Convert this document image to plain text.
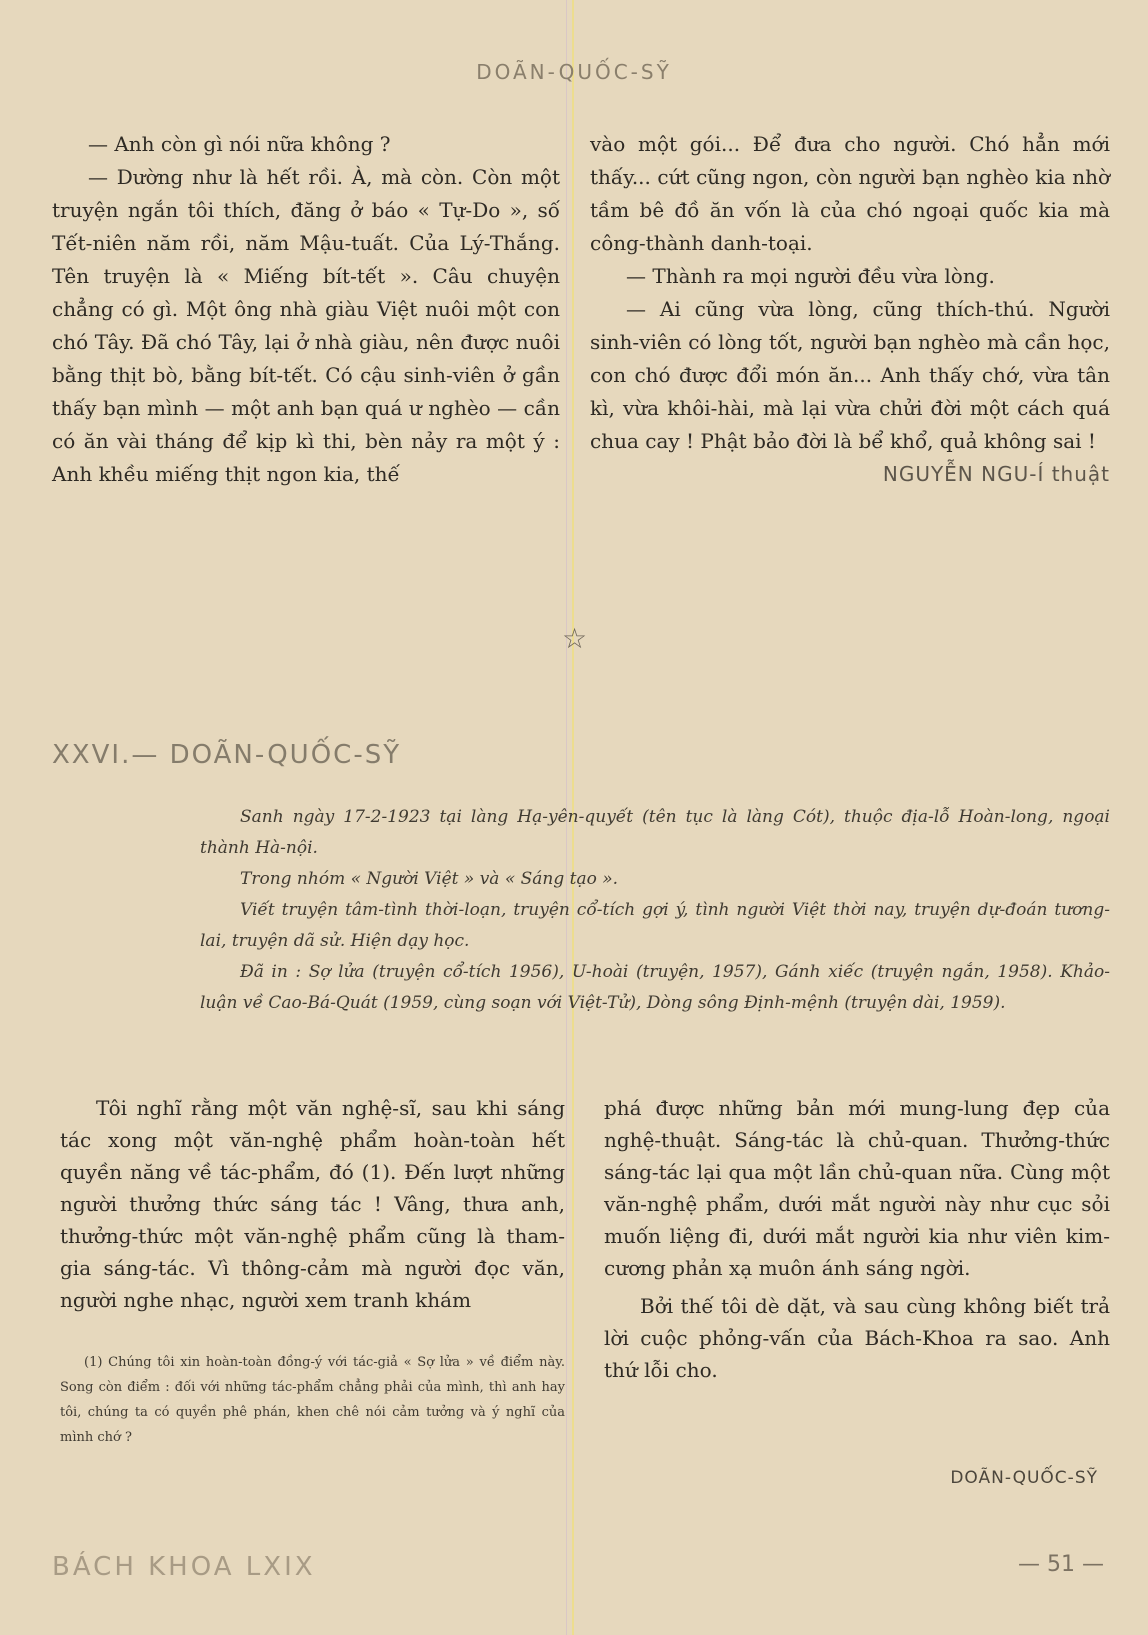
DOÃN-QUỐC-SỸ

— Anh còn gì nói nữa không ?

— Dường như là hết rồi. À, mà còn. Còn một truyện ngắn tôi thích, đăng ở báo « Tự-Do », số Tết-niên năm rồi, năm Mậu-tuất. Của Lý-Thắng. Tên truyện là « Miếng bít-tết ». Câu chuyện chẳng có gì. Một ông nhà giàu Việt nuôi một con chó Tây. Đã chó Tây, lại ở nhà giàu, nên được nuôi bằng thịt bò, bằng bít-tết. Có cậu sinh-viên ở gần thấy bạn mình — một anh bạn quá ư nghèo — cần có ăn vài tháng để kịp kì thi, bèn nảy ra một ý : Anh khều miếng thịt ngon kia, thế

vào một gói... Để đưa cho người. Chó hẳn mới thấy... cứt cũng ngon, còn người bạn nghèo kia nhờ tầm bê đồ ăn vốn là của chó ngoại quốc kia mà công-thành danh-toại.

— Thành ra mọi người đều vừa lòng.

— Ai cũng vừa lòng, cũng thích-thú. Người sinh-viên có lòng tốt, người bạn nghèo mà cần học, con chó được đổi món ăn... Anh thấy chớ, vừa tân kì, vừa khôi-hài, mà lại vừa chửi đời một cách quá chua cay ! Phật bảo đời là bể khổ, quả không sai !

NGUYỄN NGU-Í thuật

☆
XXVI.— DOÃN-QUỐC-SỸ

Sanh ngày 17-2-1923 tại làng Hạ-yên-quyết (tên tục là làng Cót), thuộc địa-lỗ Hoàn-long, ngoại thành Hà-nội.

Trong nhóm « Người Việt » và « Sáng tạo ».

Viết truyện tâm-tình thời-loạn, truyện cổ-tích gợi ý, tình người Việt thời nay, truyện dự-đoán tương-lai, truyện dã sử. Hiện dạy học.

Đã in : Sợ lửa (truyện cổ-tích 1956), U-hoài (truyện, 1957), Gánh xiếc (truyện ngắn, 1958). Khảo-luận về Cao-Bá-Quát (1959, cùng soạn với Việt-Tử), Dòng sông Định-mệnh (truyện dài, 1959).

Tôi nghĩ rằng một văn nghệ-sĩ, sau khi sáng tác xong một văn-nghệ phẩm hoàn-toàn hết quyền năng về tác-phẩm, đó (1). Đến lượt những người thưởng thức sáng tác ! Vâng, thưa anh, thưởng-thức một văn-nghệ phẩm cũng là tham-gia sáng-tác. Vì thông-cảm mà người đọc văn, người nghe nhạc, người xem tranh khám

(1) Chúng tôi xin hoàn-toàn đồng-ý với tác-giả « Sợ lửa » về điểm này. Song còn điểm : đối với những tác-phẩm chẳng phải của mình, thì anh hay tôi, chúng ta có quyền phê phán, khen chê nói cảm tưởng và ý nghĩ của mình chớ ?

phá được những bản mới mung-lung đẹp của nghệ-thuật. Sáng-tác là chủ-quan. Thưởng-thức sáng-tác lại qua một lần chủ-quan nữa. Cùng một văn-nghệ phẩm, dưới mắt người này như cục sỏi muốn liệng đi, dưới mắt người kia như viên kim-cương phản xạ muôn ánh sáng ngời.

Bởi thế tôi dè dặt, và sau cùng không biết trả lời cuộc phỏng-vấn của Bách-Khoa ra sao. Anh thứ lỗi cho.

DOÃN-QUỐC-SỸ
BÁCH KHOA LXIX	— 51 —
